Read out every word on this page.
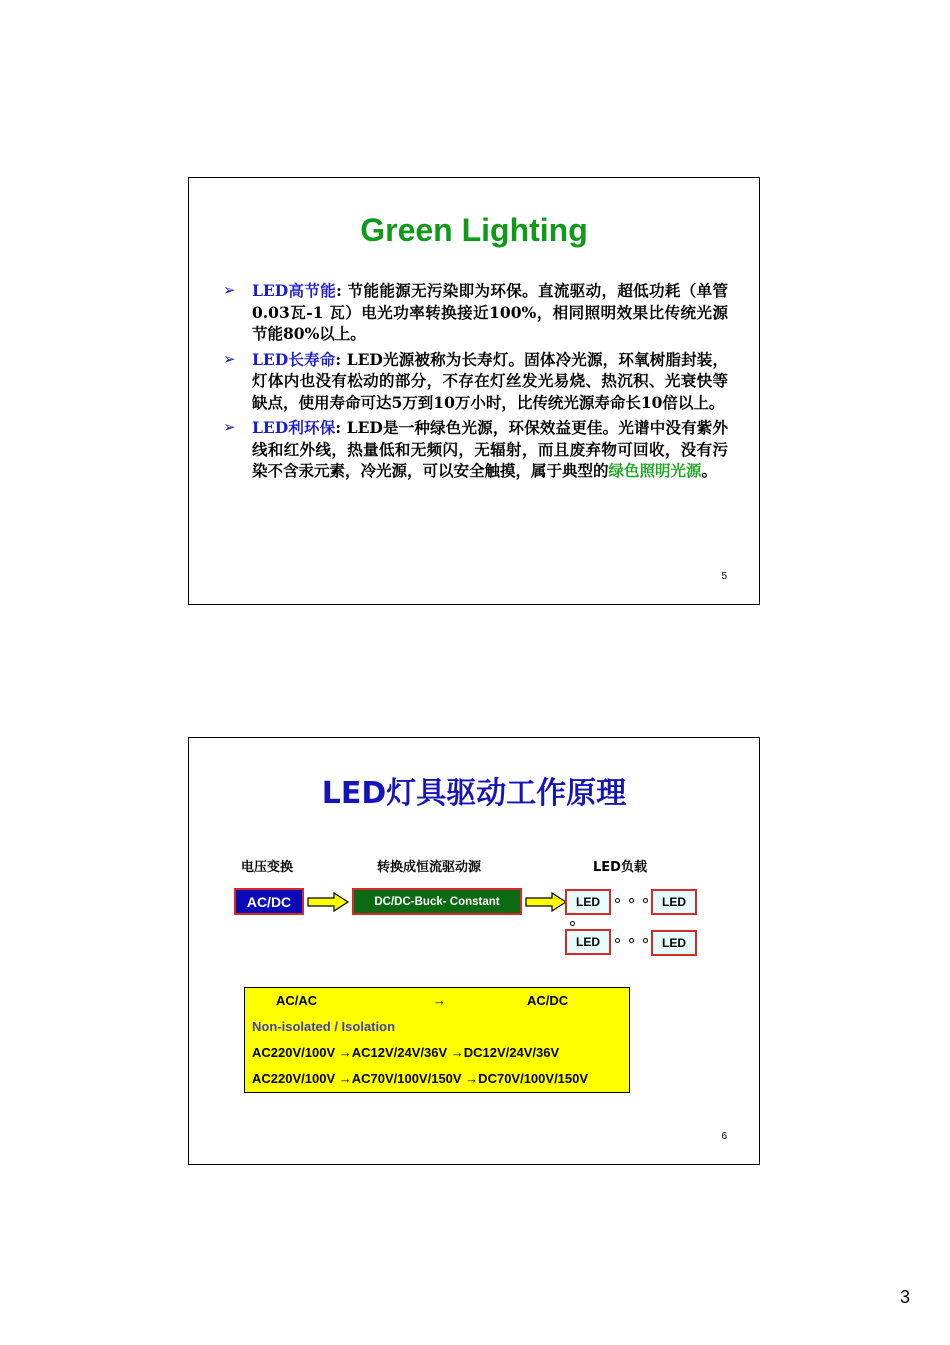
Green Lighting
➢ LED高节能: 节能能源无污染即为环保。直流驱动，超低功耗（单管0.03瓦-1 瓦）电光功率转换接近100%，相同照明效果比传统光源节能80%以上。
➢ LED长寿命: LED光源被称为长寿灯。固体冷光源，环氧树脂封装，灯体内也没有松动的部分，不存在灯丝发光易烧、热沉积、光衰快等缺点，使用寿命可达5万到10万小时，比传统光源寿命长10倍以上。
➢ LED利环保: LED是一种绿色光源，环保效益更佳。光谱中没有紫外线和红外线，热量低和无频闪，无辐射，而且废弃物可回收，没有污染不含汞元素，冷光源，可以安全触摸，属于典型的绿色照明光源。
5
LED灯具驱动工作原理
电压变换	转换成恒流驱动源	LED负载
AC/DC	DC/DC-Buck- Constant	LED	LED
LED	LED
AC/AC	→	AC/DC
Non-isolated / Isolation
AC220V/100V →AC12V/24V/36V →DC12V/24V/36V
AC220V/100V →AC70V/100V/150V →DC70V/100V/150V
6
3
